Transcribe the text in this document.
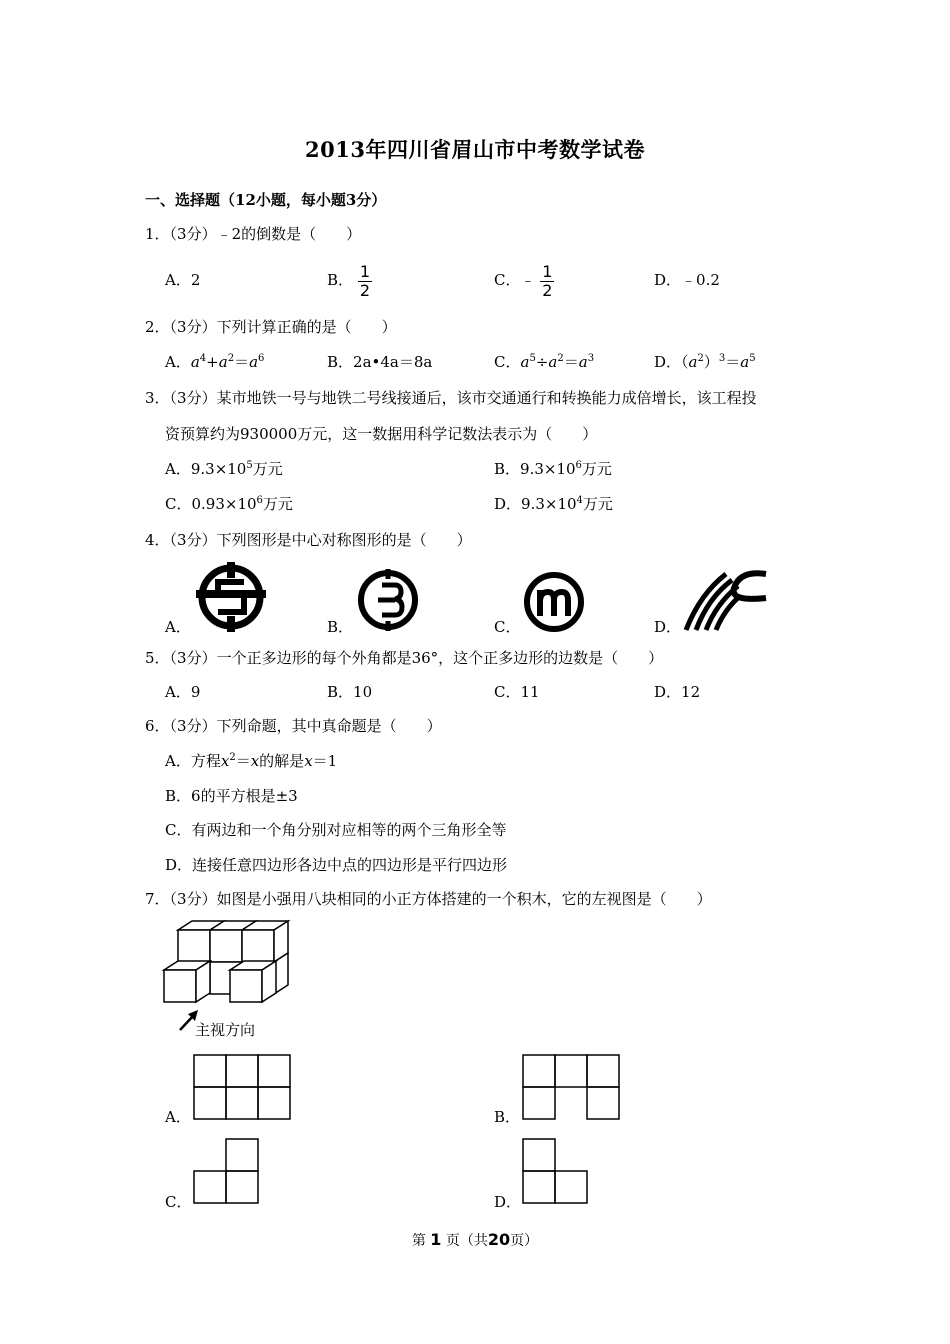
2013年四川省眉山市中考数学试卷
一、选择题（12小题，每小题3分）
1．（3分）﹣2的倒数是（　　）
A．2	B． $\frac{1}{2}$	C．﹣ $\frac{1}{2}$	D．﹣0.2
2．（3分）下列计算正确的是（　　）
A．$a^4+a^2=a^6$	B．2a•4a＝8a	C．$a^5\div a^2=a^3$	D．$(a^2)^3=a^5$
3．（3分）某市地铁一号与地铁二号线接通后，该市交通通行和转换能力成倍增长，该工程投
资预算约为930000万元，这一数据用科学记数法表示为（　　）
A．$9.3\times 10^5$万元	B．$9.3\times 10^6$万元
C．$0.93\times 10^6$万元	D．$9.3\times 10^4$万元
4．（3分）下列图形是中心对称图形的是（　　）
A．	B．	C．	D．
5．（3分）一个正多边形的每个外角都是36°，这个正多边形的边数是（　　）
A．9	B．10	C．11	D．12
6．（3分）下列命题，其中真命题是（　　）
A．方程$x^2=x$的解是x＝1
B．6的平方根是±3
C．有两边和一个角分别对应相等的两个三角形全等
D．连接任意四边形各边中点的四边形是平行四边形
7．（3分）如图是小强用八块相同的小正方体搭建的一个积木，它的左视图是（　　）
主视方向
A．	B．
C．	D．
第 1 页（共20页）
